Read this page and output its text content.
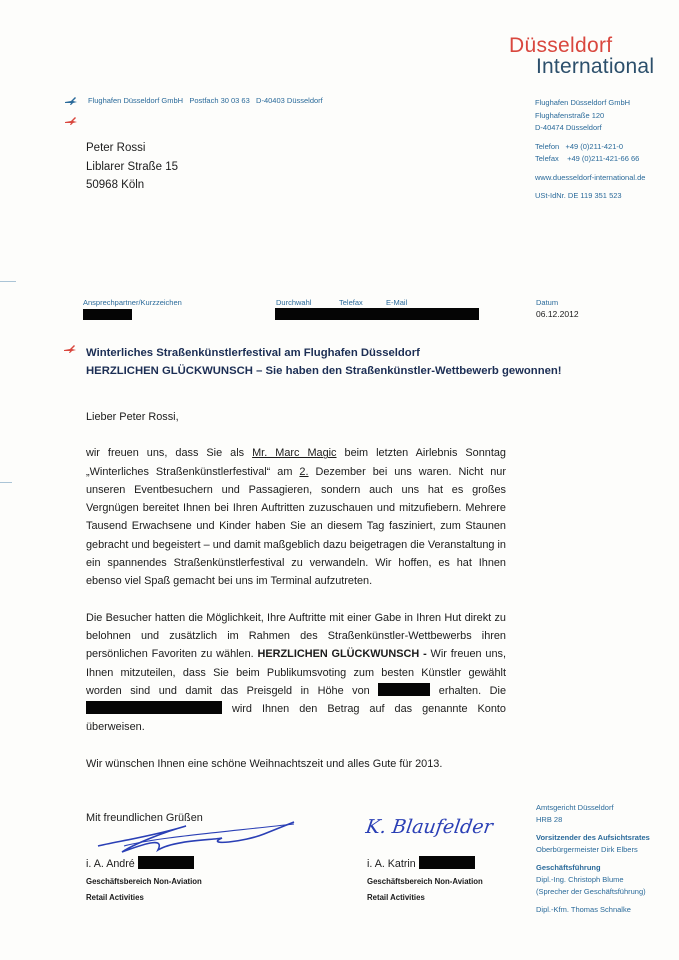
Düsseldorf
International
Flughafen Düsseldorf GmbH Postfach 30 03 63 D-40403 Düsseldorf	Flughafen Düsseldorf GmbH
Flughafenstraße 120
D-40474 Düsseldorf
Telefon +49 (0)211-421-0
Telefax +49 (0)211-421-66 66
www.duesseldorf-international.de
USt-IdNr. DE 119 351 523
Peter Rossi
Liblarer Straße 15
50968 Köln
Ansprechpartner/Kurzzeichen	Durchwahl	Telefax	E-Mail	Datum
06.12.2012
Winterliches Straßenkünstlerfestival am Flughafen Düsseldorf
HERZLICHEN GLÜCKWUNSCH – Sie haben den Straßenkünstler-Wettbewerb gewonnen!

Lieber Peter Rossi,

wir freuen uns, dass Sie als Mr. Marc Magic beim letzten Airlebnis Sonntag „Winterliches Straßenkünstlerfestival“ am 2. Dezember bei uns waren. Nicht nur unseren Eventbesuchern und Passagieren, sondern auch uns hat es großes Vergnügen bereitet Ihnen bei Ihren Auftritten zuzuschauen und mitzufiebern. Mehrere Tausend Erwachsene und Kinder haben Sie an diesem Tag fasziniert, zum Staunen gebracht und begeistert – und damit maßgeblich dazu beigetragen die Veranstaltung in ein spannendes Straßenkünstlerfestival zu verwandeln. Wir hoffen, es hat Ihnen ebenso viel Spaß gemacht bei uns im Terminal aufzutreten.

Die Besucher hatten die Möglichkeit, Ihre Auftritte mit einer Gabe in Ihren Hut direkt zu belohnen und zusätzlich im Rahmen des Straßenkünstler-Wettbewerbs ihren persönlichen Favoriten zu wählen. HERZLICHEN GLÜCKWUNSCH - Wir freuen uns, Ihnen mitzuteilen, dass Sie beim Publikumsvoting zum besten Künstler gewählt worden sind und damit das Preisgeld in Höhe von	erhalten. Die  wird Ihnen den Betrag auf das genannte Konto überweisen.

Wir wünschen Ihnen eine schöne Weihnachtszeit und alles Gute für 2013.

Mit freundlichen Grüßen	K. Blaufelder
i. A. André
Geschäftsbereich Non-Aviation
Retail Activities
i. A. Katrin
Geschäftsbereich Non-Aviation
Retail Activities
Amtsgericht Düsseldorf
HRB 28
Vorsitzender des Aufsichtsrates
Oberbürgermeister Dirk Elbers
Geschäftsführung
Dipl.-Ing. Christoph Blume
(Sprecher der Geschäftsführung)
Dipl.-Kfm. Thomas Schnalke
